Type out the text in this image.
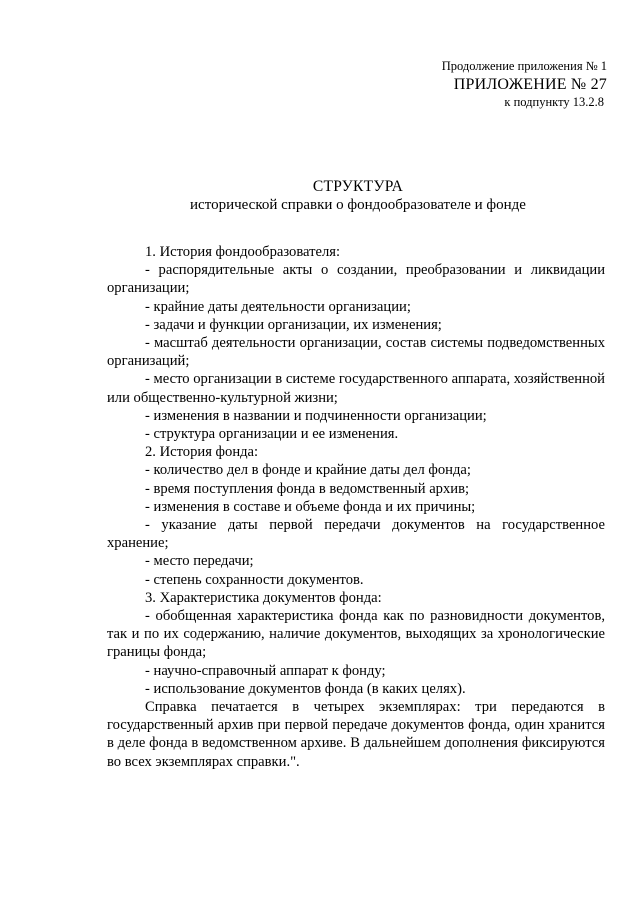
Продолжение приложения № 1
ПРИЛОЖЕНИЕ № 27
к подпункту 13.2.8
СТРУКТУРА
исторической справки о фондообразователе и фонде

1. История фондообразователя:

- распорядительные акты о создании, преобразовании и ликвидации организации;

- крайние даты деятельности организации;

- задачи и функции организации, их изменения;

- масштаб деятельности организации, состав системы подведомственных организаций;

- место организации в системе государственного аппарата, хозяйственной или общественно-культурной жизни;

- изменения в названии и подчиненности организации;

- структура организации и ее изменения.

2. История фонда:

- количество дел в фонде и крайние даты дел фонда;

- время поступления фонда в ведомственный архив;

- изменения в составе и объеме фонда и их причины;

- указание даты первой передачи документов на государственное хранение;

- место передачи;

- степень сохранности документов.

3. Характеристика документов фонда:

- обобщенная характеристика фонда как по разновидности документов, так и по их содержанию, наличие документов, выходящих за хронологические границы фонда;

- научно-справочный аппарат к фонду;

- использование документов фонда (в каких целях).

Справка печатается в четырех экземплярах: три передаются в государственный архив при первой передаче документов фонда, один хранится в деле фонда в ведомственном архиве. В дальнейшем дополнения фиксируются во всех экземплярах справки.".
